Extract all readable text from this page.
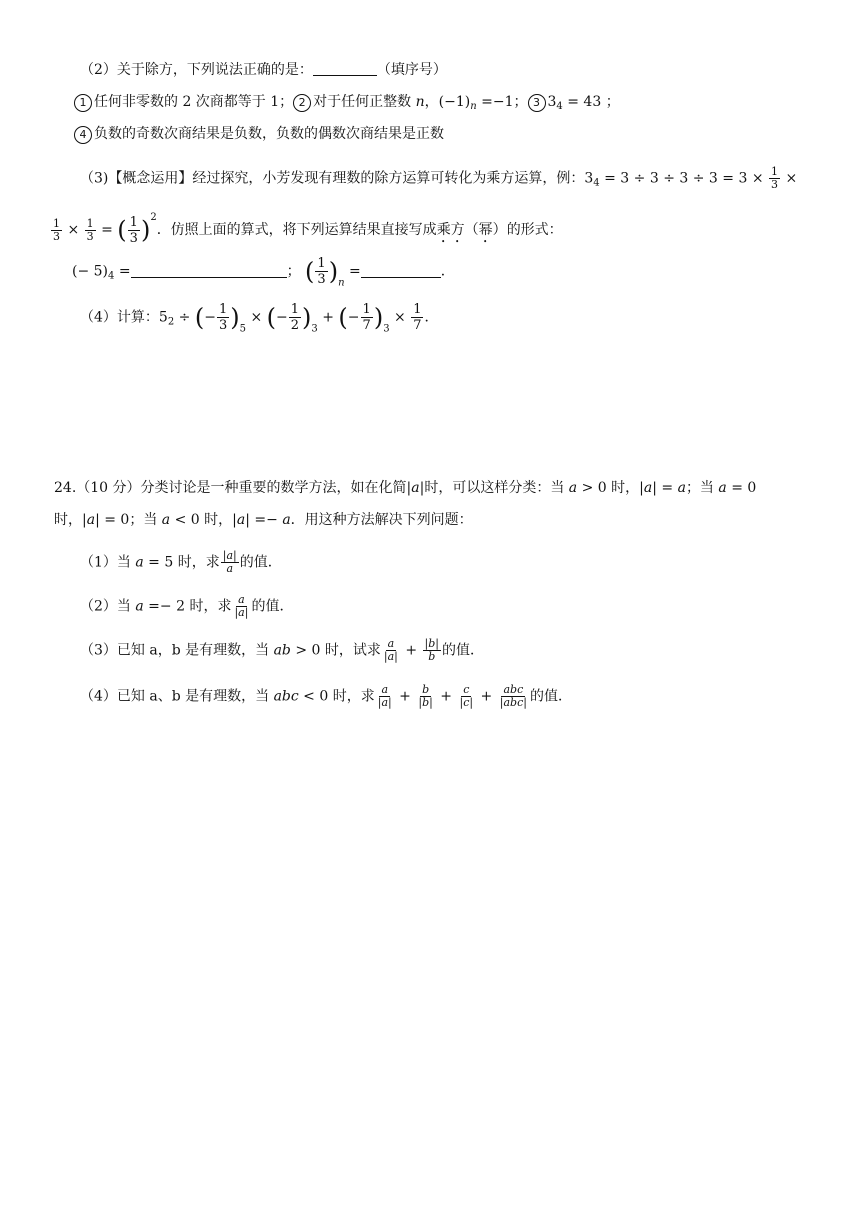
（2）关于除方，下列说法正确的是：	（填序号）
1 任何非零数的 2 次商都等于 1； 2 对于任何正整数 n，$(-1)_n =-1$； 3 $3_4 = 43$ ；
4 负数的奇数次商结果是负数，负数的偶数次商结果是正数
（3)【概念运用】经过探究，小芳发现有理数的除方运算可转化为乘方运算，例：$3_4 = 3 \div 3 \div 3 \div 3 = 3 \times \frac{1}{3}$ ×
$\frac{1}{3} \times \frac{1}{3}$ = ( $\frac{1}{3} )^2$．仿照上面的算式，将下列运算结果直接写成乘方（幂）的形式：
(− $5)_4$ =	； ( $\frac{1}{3} )_n$ =	．
（4）计算：$5_2$ ÷ (− $\frac{1}{3} )_5$ × (− $\frac{1}{2} )_3$ + (− $\frac{1}{7} )_3 \times \frac{1}{7}$ ．
24.（10 分）分类讨论是一种重要的数学方法，如在化简|a|时，可以这样分类：当 a > 0 时，|a| = a；当 a = 0
时，|a| = 0；当 a < 0 时，|a| =− a．用这种方法解决下列问题：
（1）当 a = 5 时，求 $\frac{|a|}{a}$ 的值．
（2）当 a =− 2 时，求 $\frac{a}{|a|}$ 的值．
（3）已知 a，b 是有理数，当 ab > 0 时，试求 $\frac{a}{|a|} + \frac{|b|}{b}$ 的值．
（4）已知 a、b 是有理数，当 abc < 0 时，求 $\frac{a}{|a|} + \frac{b}{|b|} + \frac{c}{|c|} + \frac{\text{abc}}{\text{|abc|}}$ 的值．
